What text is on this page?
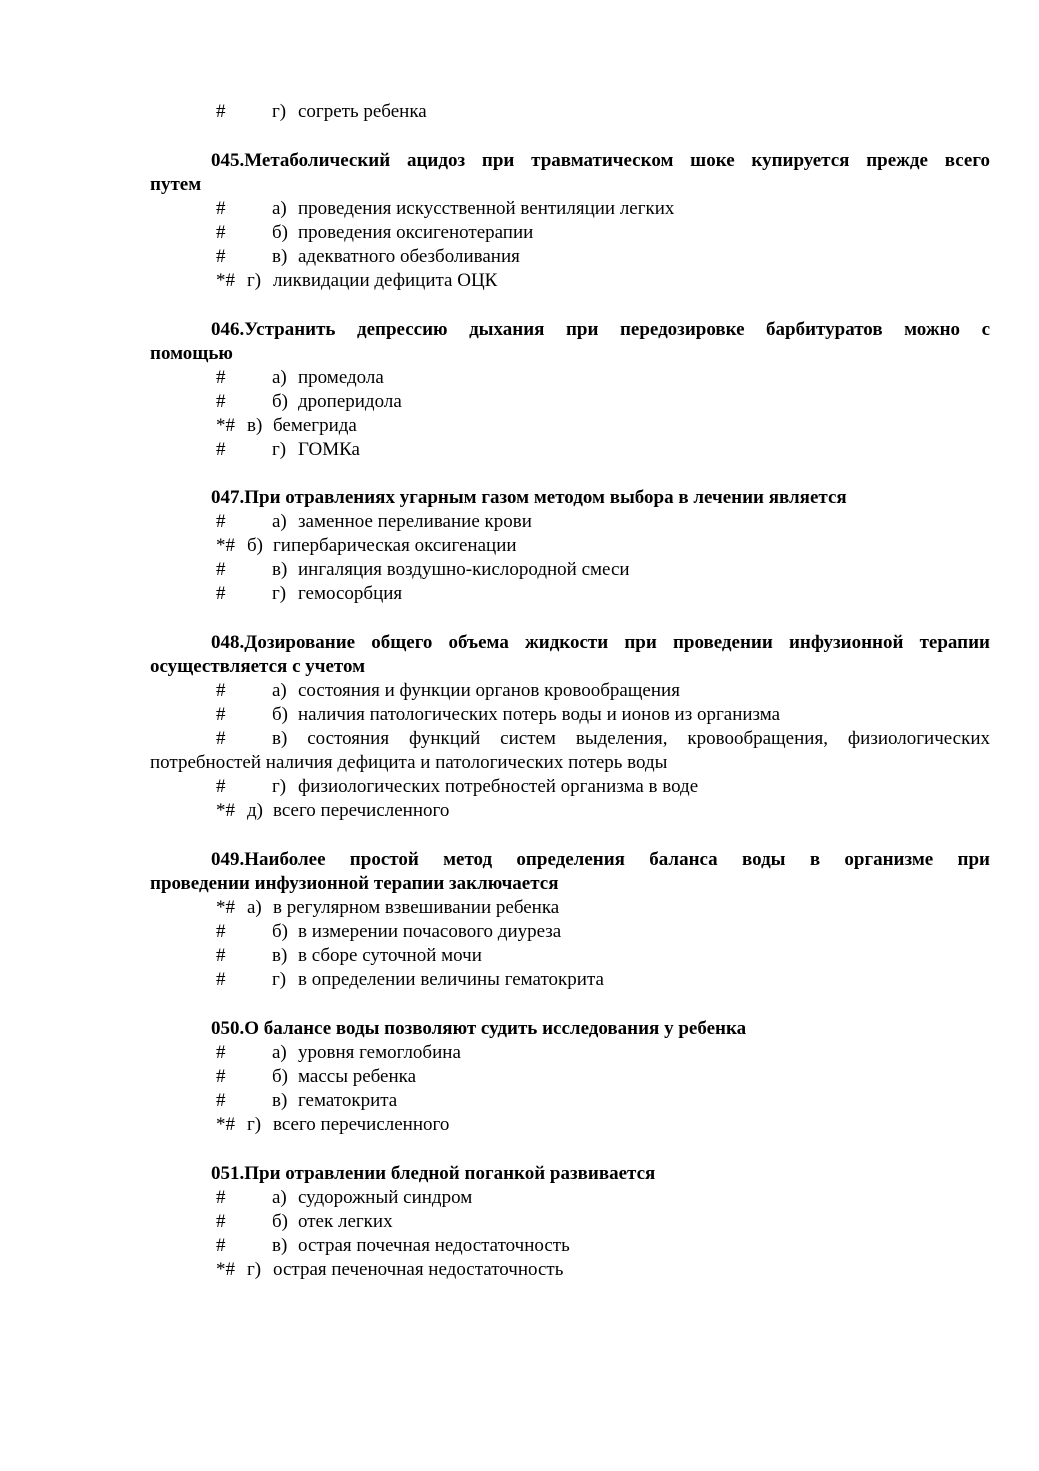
# г) согреть ребенка
045.Метаболический ацидоз при травматическом шоке купируется прежде всего
путем
# а) проведения искусственной вентиляции легких
# б) проведения оксигенотерапии
# в) адекватного обезболивания
*# г) ликвидации дефицита ОЦК
046.Устранить депрессию дыхания при передозировке барбитуратов можно с
помощью
# а) промедола
# б) дроперидола
*# в) бемегрида
# г) ГОМКа
047.При отравлениях угарным газом методом выбора в лечении является
# а) заменное переливание крови
*# б) гипербарическая оксигенации
# в) ингаляция воздушно-кислородной смеси
# г) гемосорбция
048.Дозирование общего объема жидкости при проведении инфузионной терапии
осуществляется с учетом
# а) состояния и функции органов кровообращения
# б) наличия патологических потерь воды и ионов из организма
# в) состояния функций систем выделения, кровообращения, физиологических
потребностей наличия дефицита и патологических потерь воды
# г) физиологических потребностей организма в воде
*# д) всего перечисленного
049.Наиболее простой метод определения баланса воды в организме при
проведении инфузионной терапии заключается
*# а) в регулярном взвешивании ребенка
# б) в измерении почасового диуреза
# в) в сборе суточной мочи
# г) в определении величины гематокрита
050.О балансе воды позволяют судить исследования у ребенка
# а) уровня гемоглобина
# б) массы ребенка
# в) гематокрита
*# г) всего перечисленного
051.При отравлении бледной поганкой развивается
# а) судорожный синдром
# б) отек легких
# в) острая почечная недостаточность
*# г) острая печеночная недостаточность
